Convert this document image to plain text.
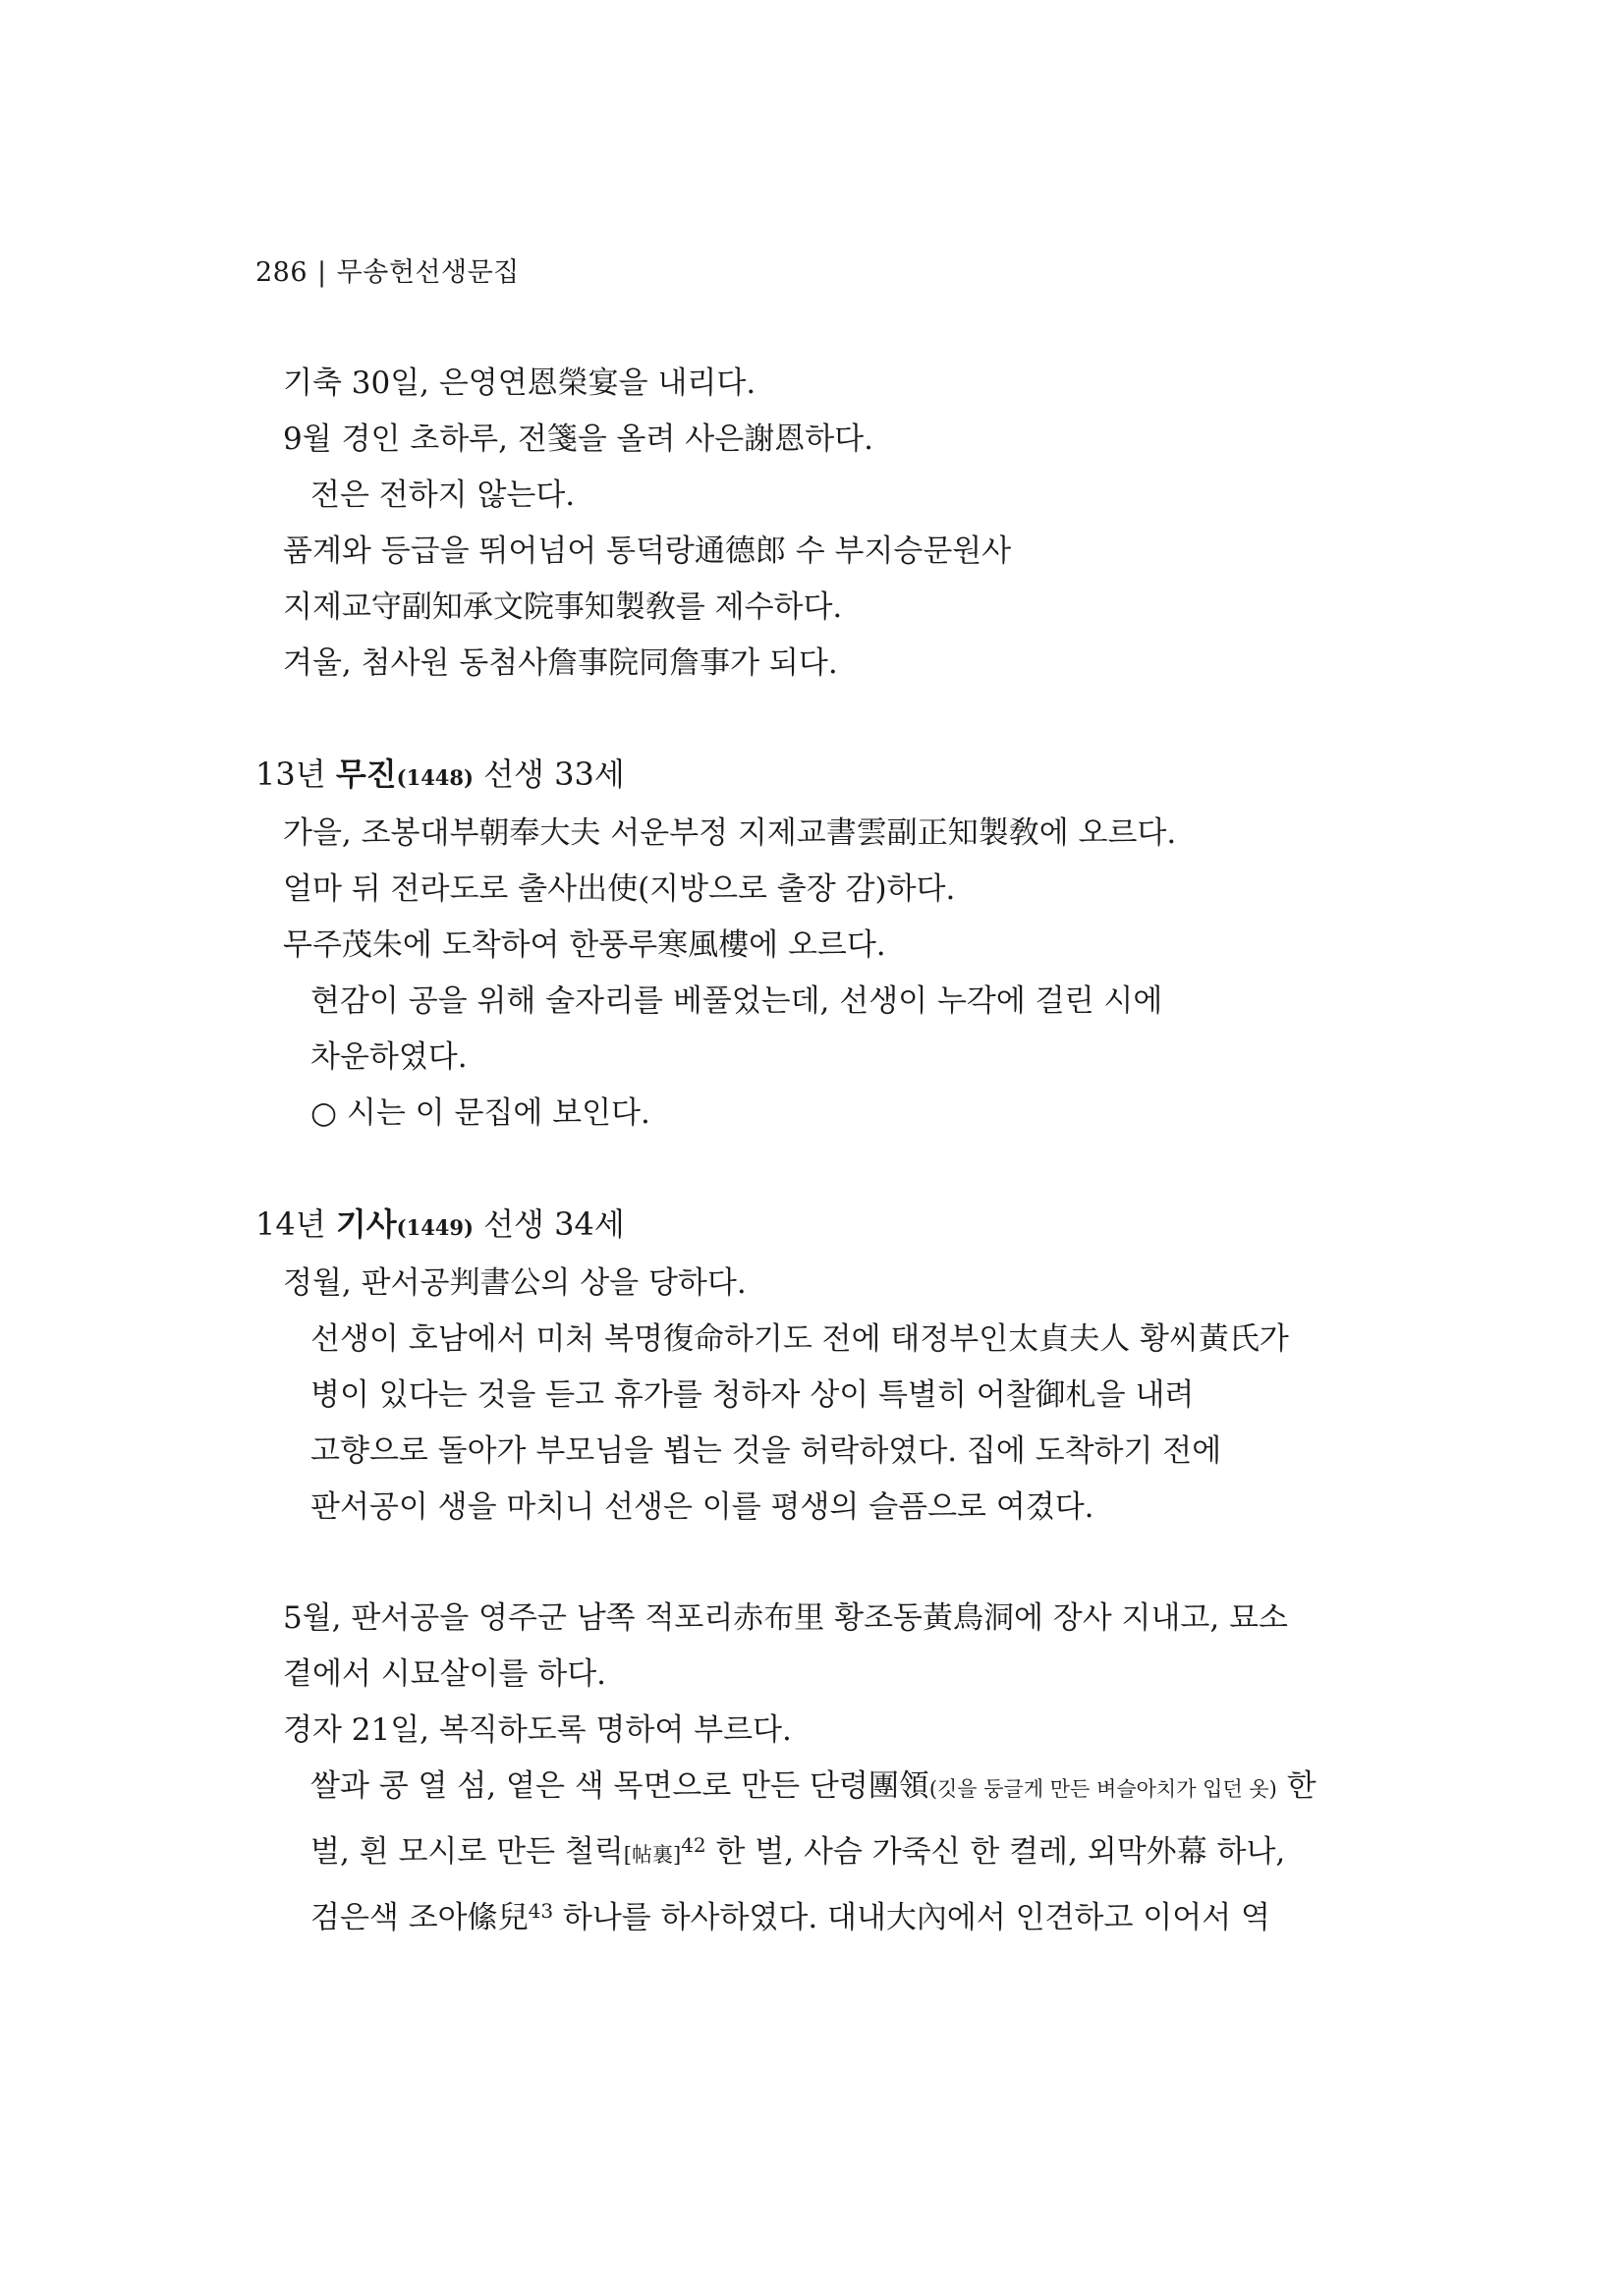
286 | 무송헌선생문집

기축 30일, 은영연恩榮宴을 내리다.

9월 경인 초하루, 전箋을 올려 사은謝恩하다.

전은 전하지 않는다.

품계와 등급을 뛰어넘어 통덕랑通德郎 수 부지승문원사 지제교守副知承文院事知製敎를 제수하다.

겨울, 첨사원 동첨사詹事院同詹事가 되다.

13년 무진(1448) 선생 33세

가을, 조봉대부朝奉大夫 서운부정 지제교書雲副正知製敎에 오르다.

얼마 뒤 전라도로 출사出使(지방으로 출장 감)하다.

무주茂朱에 도착하여 한풍루寒風樓에 오르다.

현감이 공을 위해 술자리를 베풀었는데, 선생이 누각에 걸린 시에 차운하였다.

○ 시는 이 문집에 보인다.

14년 기사(1449) 선생 34세

정월, 판서공判書公의 상을 당하다.

선생이 호남에서 미처 복명復命하기도 전에 태정부인太貞夫人 황씨黃氏가 병이 있다는 것을 듣고 휴가를 청하자 상이 특별히 어찰御札을 내려 고향으로 돌아가 부모님을 뵙는 것을 허락하였다. 집에 도착하기 전에 판서공이 생을 마치니 선생은 이를 평생의 슬픔으로 여겼다.

5월, 판서공을 영주군 남쪽 적포리赤布里 황조동黃鳥洞에 장사 지내고, 묘소 곁에서 시묘살이를 하다.

경자 21일, 복직하도록 명하여 부르다.

쌀과 콩 열 섬, 옅은 색 목면으로 만든 단령團領(깃을 둥글게 만든 벼슬아치가 입던 옷) 한 벌, 흰 모시로 만든 철릭[帖裏]$^{42}$ 한 벌, 사슴 가죽신 한 켤레, 외막外幕 하나, 검은색 조아絛兒$^{43}$ 하나를 하사하였다. 대내大內에서 인견하고 이어서 역
